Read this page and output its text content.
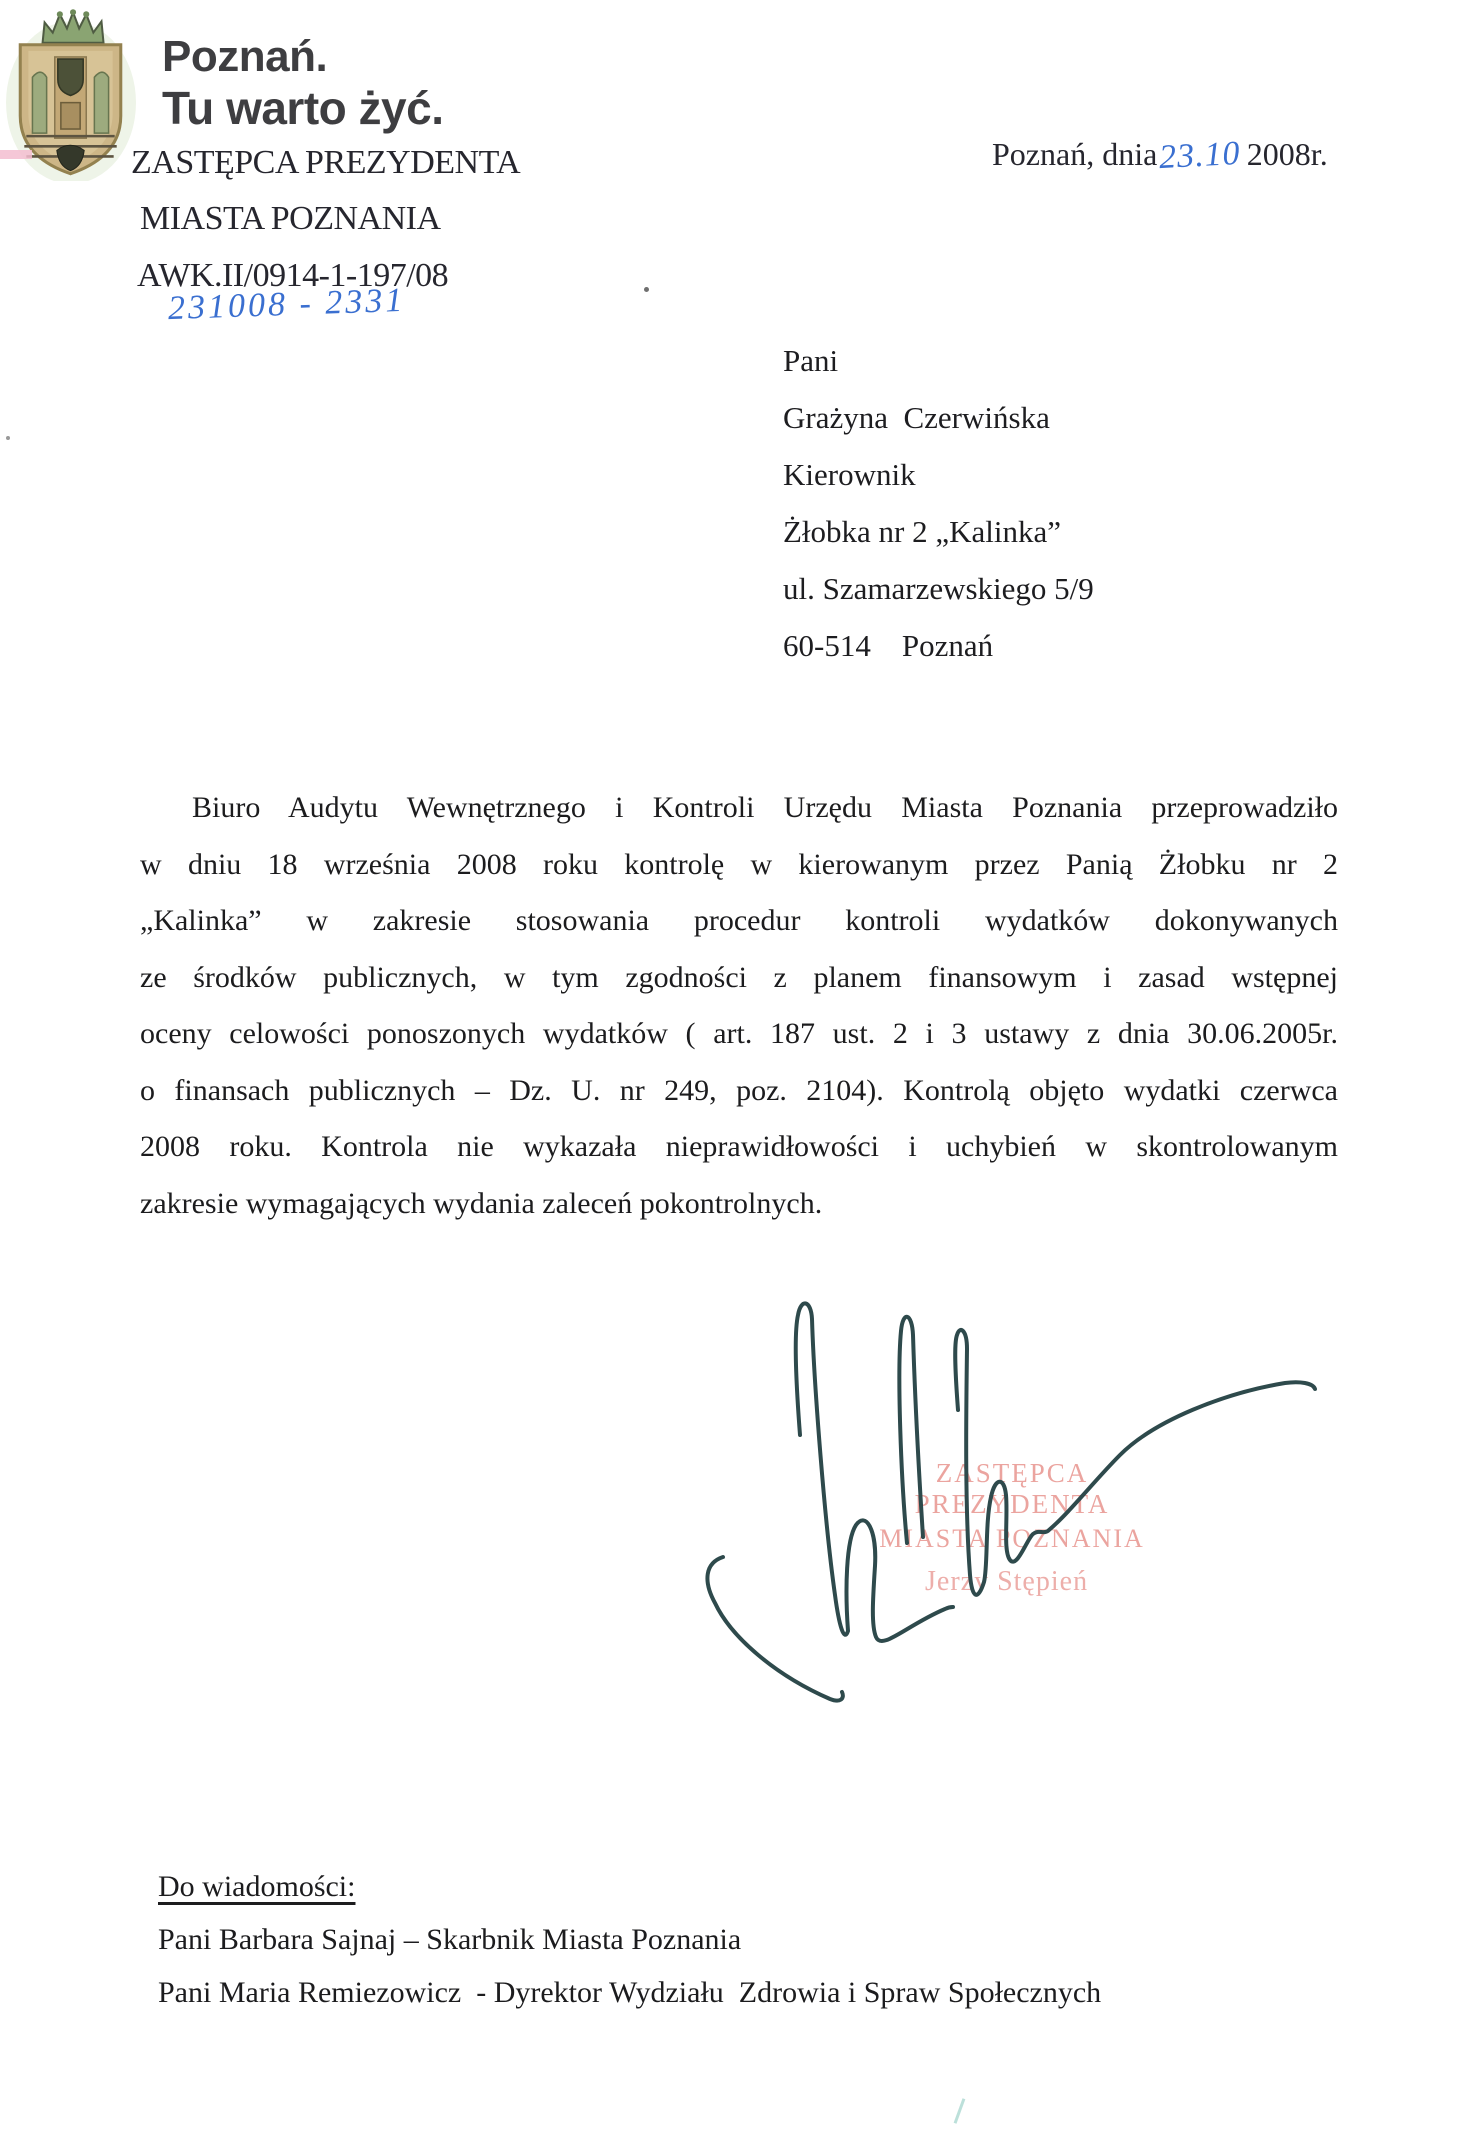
Poznań.
Tu warto żyć.
ZASTĘPCA PREZYDENTA
MIASTA POZNANIA
AWK.II/0914-1-197/08
231008 - 2331
Poznań, dnia23.10 2008r.
Pani
Grażyna  Czerwińska
Kierownik
Żłobka nr 2 „Kalinka”
ul. Szamarzewskiego 5/9
60-514    Poznań
Biuro Audytu Wewnętrznego i Kontroli Urzędu Miasta Poznania przeprowadziło
w dniu 18 września 2008 roku kontrolę w kierowanym przez Panią Żłobku nr 2
„Kalinka” w zakresie stosowania procedur kontroli wydatków dokonywanych
ze środków publicznych, w tym zgodności z planem finansowym i zasad wstępnej
oceny celowości ponoszonych wydatków ( art. 187 ust. 2 i 3 ustawy z dnia 30.06.2005r.
o finansach publicznych – Dz. U. nr 249, poz. 2104). Kontrolą objęto wydatki czerwca
2008 roku. Kontrola nie wykazała nieprawidłowości i uchybień w skontrolowanym
zakresie wymagających wydania zaleceń pokontrolnych.
ZASTĘPCA PREZYDENTA
MIASTA POZNANIA
Jerzy Stępień
Do wiadomości:
Pani Barbara Sajnaj – Skarbnik Miasta Poznania
Pani Maria Remiezowicz  - Dyrektor Wydziału  Zdrowia i Spraw Społecznych
